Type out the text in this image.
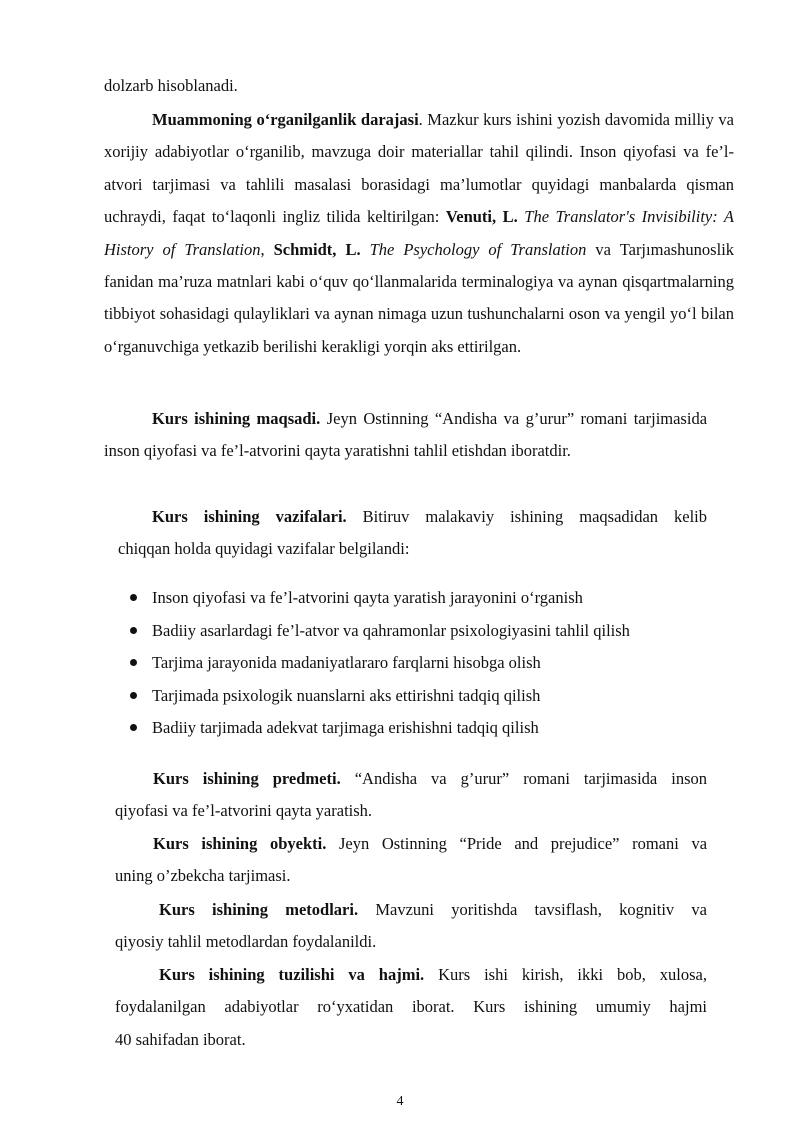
dolzarb hisoblanadi.
Muammoning o‘rganilganlik darajasi. Mazkur kurs ishini yozish davomida milliy va xorijiy adabiyotlar o‘rganilib, mavzuga doir materiallar tahil qilindi. Inson qiyofasi va fe’l-atvori tarjimasi va tahlili masalasi borasidagi ma’lumotlar quyidagi manbalarda qisman uchraydi, faqat to‘laqonli ingliz tilida keltirilgan: Venuti, L. The Translator's Invisibility: A History of Translation, Schmidt, L. The Psychology of Translation va Tarjımashunoslik fanidan ma’ruza matnlari kabi o‘quv qo‘llanmalarida terminalogiya va aynan qisqartmalarning tibbiyot sohasidagi qulayliklari va aynan nimaga uzun tushunchalarni oson va yengil yo‘l bilan o‘rganuvchiga yetkazib berilishi kerakligi yorqin aks ettirilgan.
Kurs ishining maqsadi. Jeyn Ostinning “Andisha va g’urur” romani tarjimasida inson qiyofasi va fe’l-atvorini qayta yaratishni tahlil etishdan iboratdir.
Kurs ishining vazifalari. Bitiruv malakaviy ishining maqsadidan kelib
chiqqan holda quyidagi vazifalar belgilandi:
Inson qiyofasi va fe’l-atvorini qayta yaratish jarayonini o‘rganish
Badiiy asarlardagi fe’l-atvor va qahramonlar psixologiyasini tahlil qilish
Tarjima jarayonida madaniyatlararo farqlarni hisobga olish
Tarjimada psixologik nuanslarni aks ettirishni tadqiq qilish
Badiiy tarjimada adekvat tarjimaga erishishni tadqiq qilish
Kurs ishining predmeti. “Andisha va g’urur” romani tarjimasida inson
qiyofasi va fe’l-atvorini qayta yaratish.
Kurs ishining obyekti. Jeyn Ostinning “Pride and prejudice” romani va
uning o’zbekcha tarjimasi.
Kurs ishining metodlari. Mavzuni yoritishda tavsiflash, kognitiv va
qiyosiy tahlil metodlardan foydalanildi.
Kurs ishining tuzilishi va hajmi. Kurs ishi kirish, ikki bob, xulosa,
foydalanilgan adabiyotlar ro‘yxatidan iborat. Kurs ishining umumiy hajmi
40 sahifadan iborat.
4
